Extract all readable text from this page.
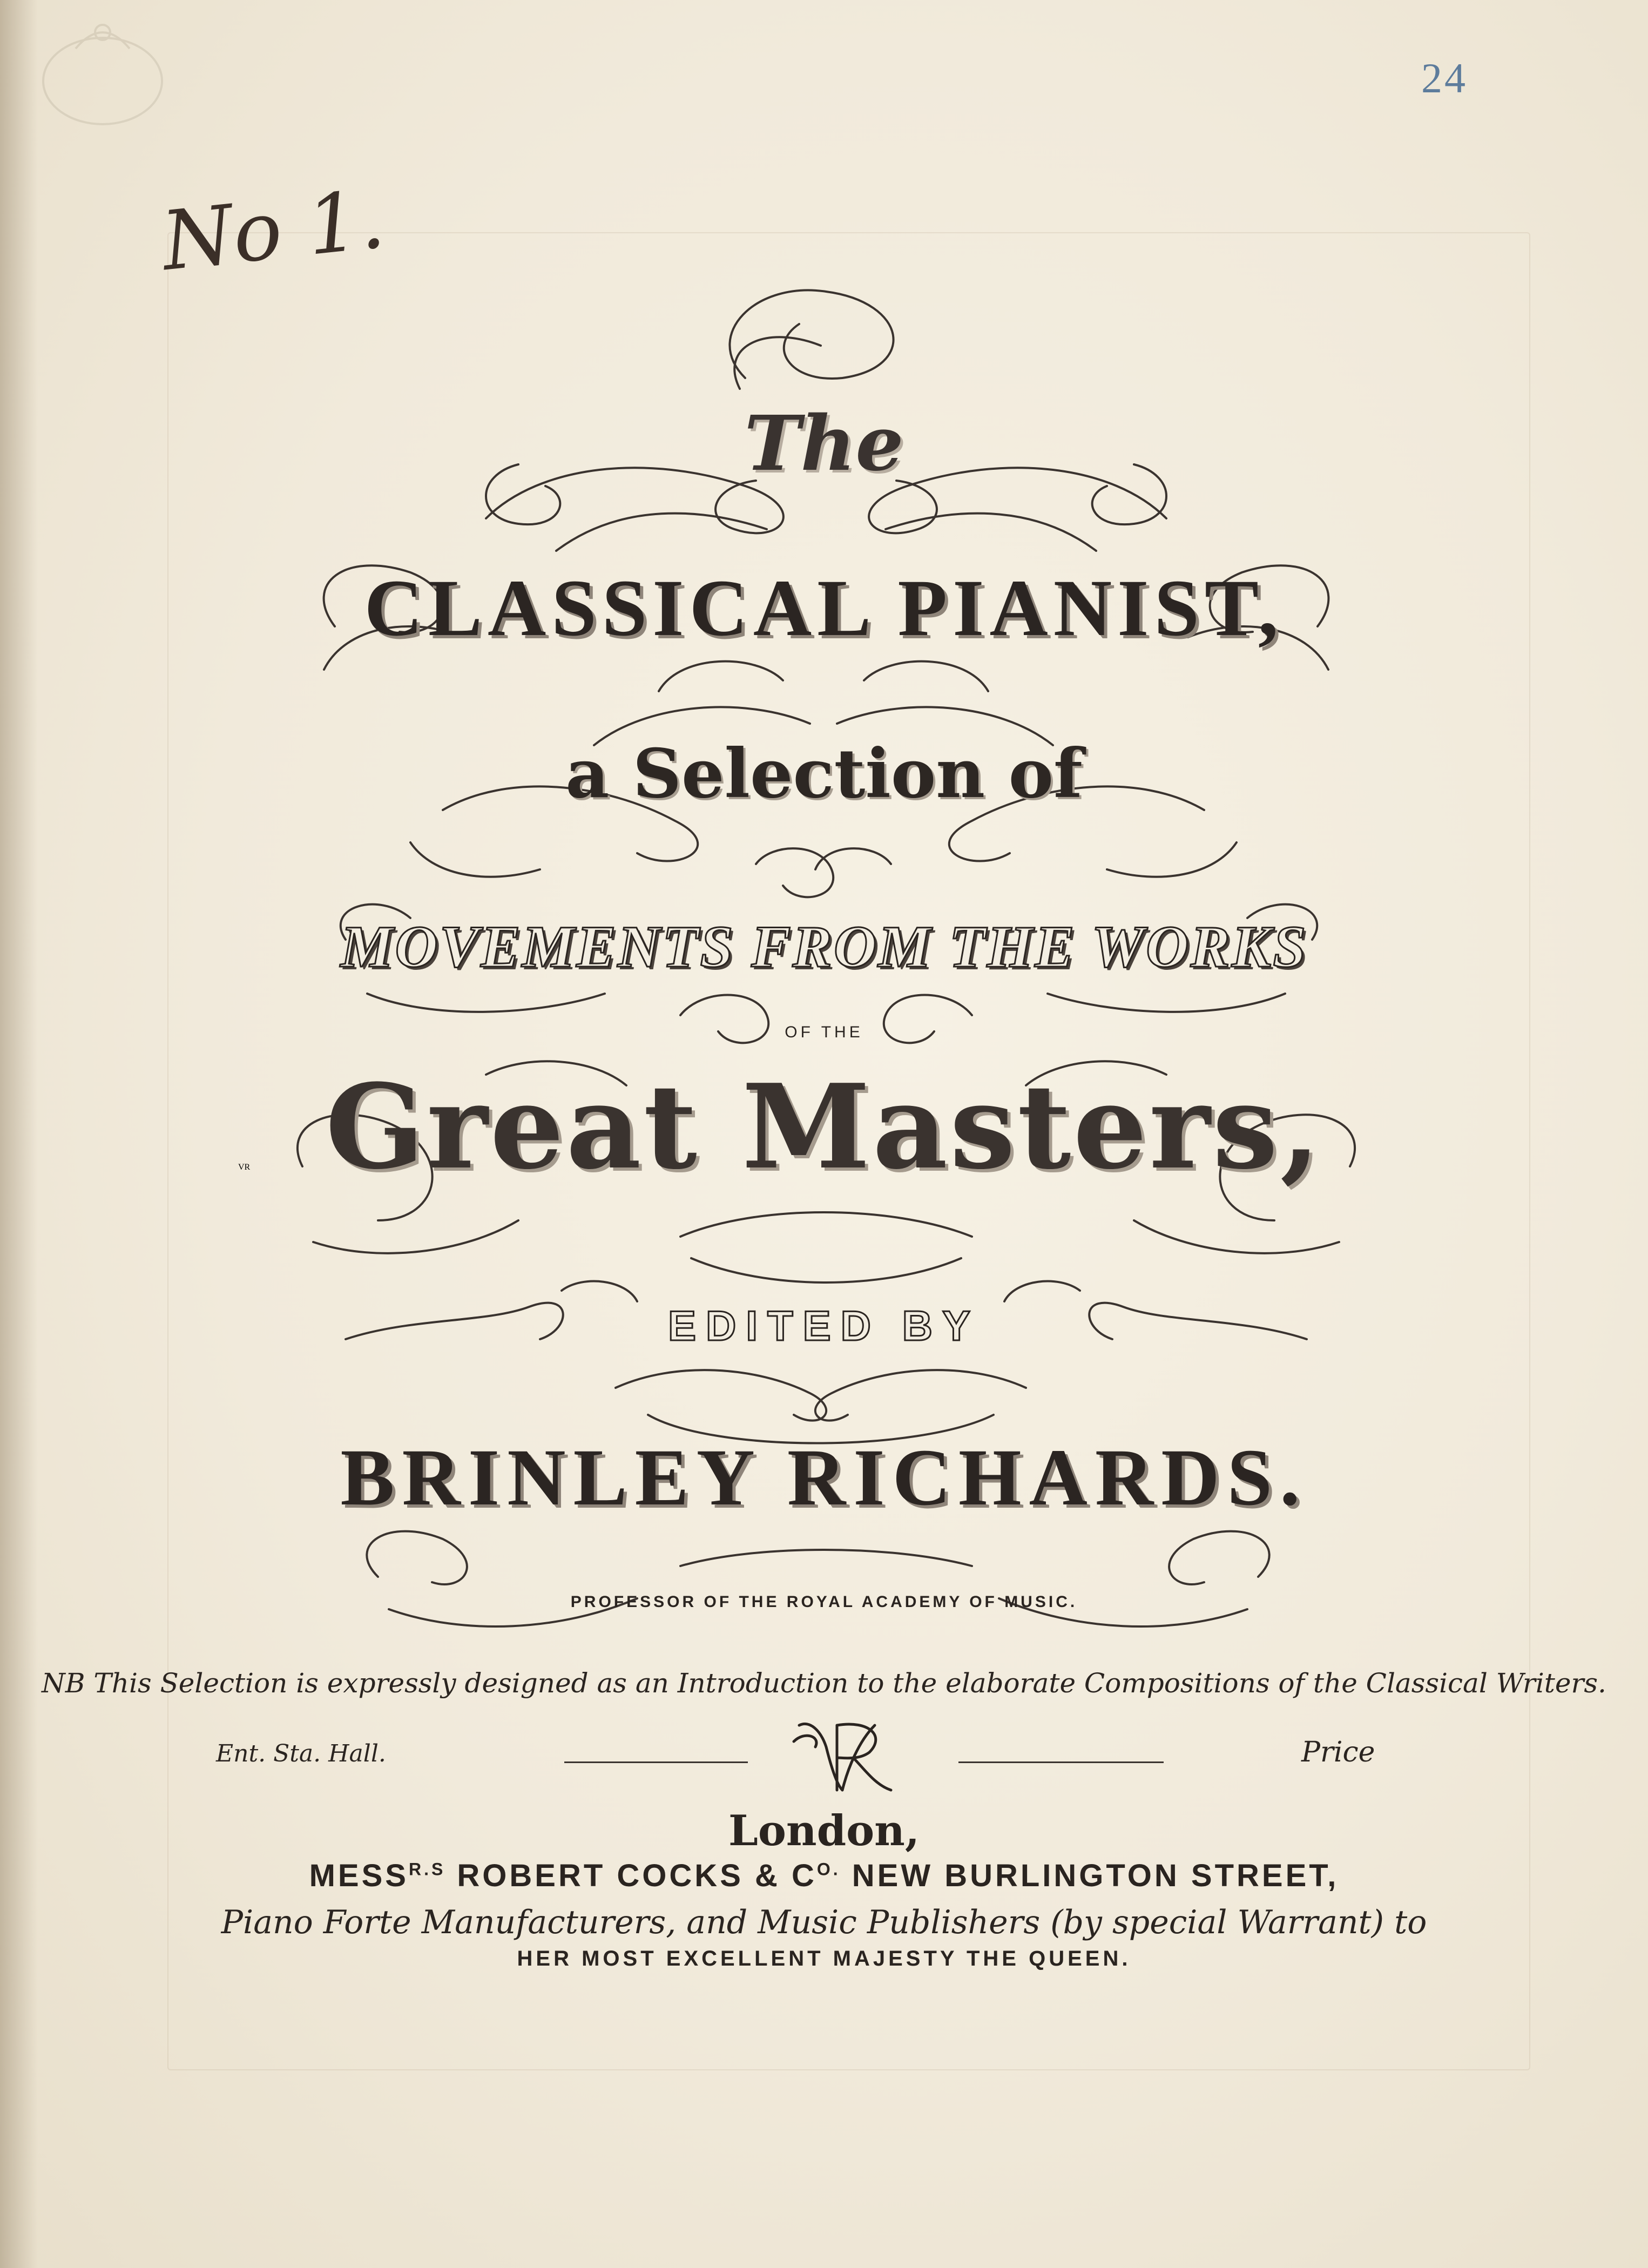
24
No 1.
The
CLASSICAL PIANIST,
a Selection of
MOVEMENTS FROM THE WORKS
OF THE
Great Masters,
EDITED BY
BRINLEY RICHARDS.
PROFESSOR OF THE ROYAL ACADEMY OF MUSIC.
NB This Selection is expressly designed as an Introduction to the elaborate Compositions of the Classical Writers.
Ent. Sta. Hall.
VR
Price
London,
$MESS^{R.S}$ ROBERT COCKS & $C^{O.}$ NEW BURLINGTON STREET,
Piano Forte Manufacturers, and Music Publishers (by special Warrant) to
HER MOST EXCELLENT MAJESTY THE QUEEN.
